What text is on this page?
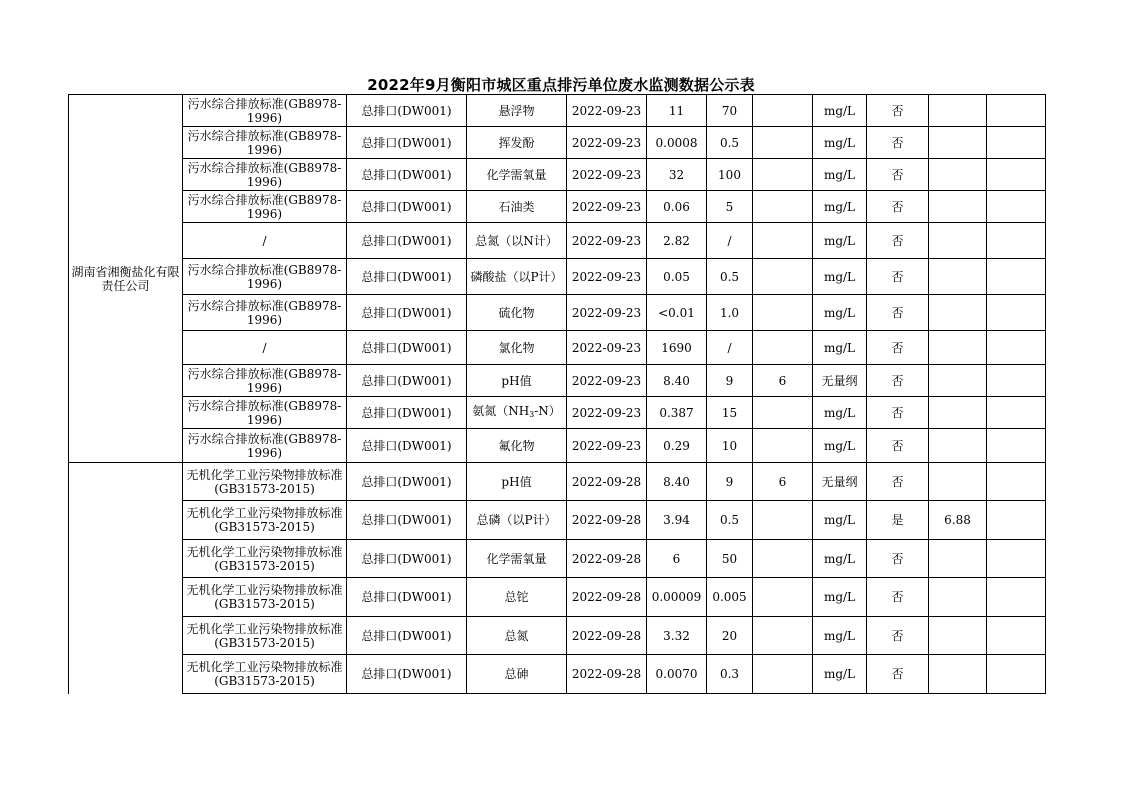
2022年9月衡阳市城区重点排污单位废水监测数据公示表
湖南省湘衡盐化有限责任公司	污水综合排放标准(GB8978-1996)	总排口(DW001)	悬浮物	2022-09-23	11	70		mg/L	否		
	污水综合排放标准(GB8978-1996)	总排口(DW001)	挥发酚	2022-09-23	0.0008	0.5		mg/L	否		
	污水综合排放标准(GB8978-1996)	总排口(DW001)	化学需氧量	2022-09-23	32	100		mg/L	否		
	污水综合排放标准(GB8978-1996)	总排口(DW001)	石油类	2022-09-23	0.06	5		mg/L	否		
	/	总排口(DW001)	总氮（以N计）	2022-09-23	2.82	/		mg/L	否		
	污水综合排放标准(GB8978-1996)	总排口(DW001)	磷酸盐（以P计）	2022-09-23	0.05	0.5		mg/L	否		
	污水综合排放标准(GB8978-1996)	总排口(DW001)	硫化物	2022-09-23	<0.01	1.0		mg/L	否		
	/	总排口(DW001)	氯化物	2022-09-23	1690	/		mg/L	否		
	污水综合排放标准(GB8978-1996)	总排口(DW001)	pH值	2022-09-23	8.40	9	6	无量纲	否		
	污水综合排放标准(GB8978-1996)	总排口(DW001)	氨氮$(NH_3-N)$	2022-09-23	0.387	15		mg/L	否		
	污水综合排放标准(GB8978-1996)	总排口(DW001)	氟化物	2022-09-23	0.29	10		mg/L	否		
	无机化学工业污染物排放标准(GB31573-2015)	总排口(DW001)	pH值	2022-09-28	8.40	9	6	无量纲	否		
	无机化学工业污染物排放标准(GB31573-2015)	总排口(DW001)	总磷（以P计）	2022-09-28	3.94	0.5		mg/L	是	6.88	
	无机化学工业污染物排放标准(GB31573-2015)	总排口(DW001)	化学需氧量	2022-09-28	6	50		mg/L	否		
	无机化学工业污染物排放标准(GB31573-2015)	总排口(DW001)	总铊	2022-09-28	0.00009	0.005		mg/L	否		
	无机化学工业污染物排放标准(GB31573-2015)	总排口(DW001)	总氮	2022-09-28	3.32	20		mg/L	否		
	无机化学工业污染物排放标准(GB31573-2015)	总排口(DW001)	总砷	2022-09-28	0.0070	0.3		mg/L	否		
